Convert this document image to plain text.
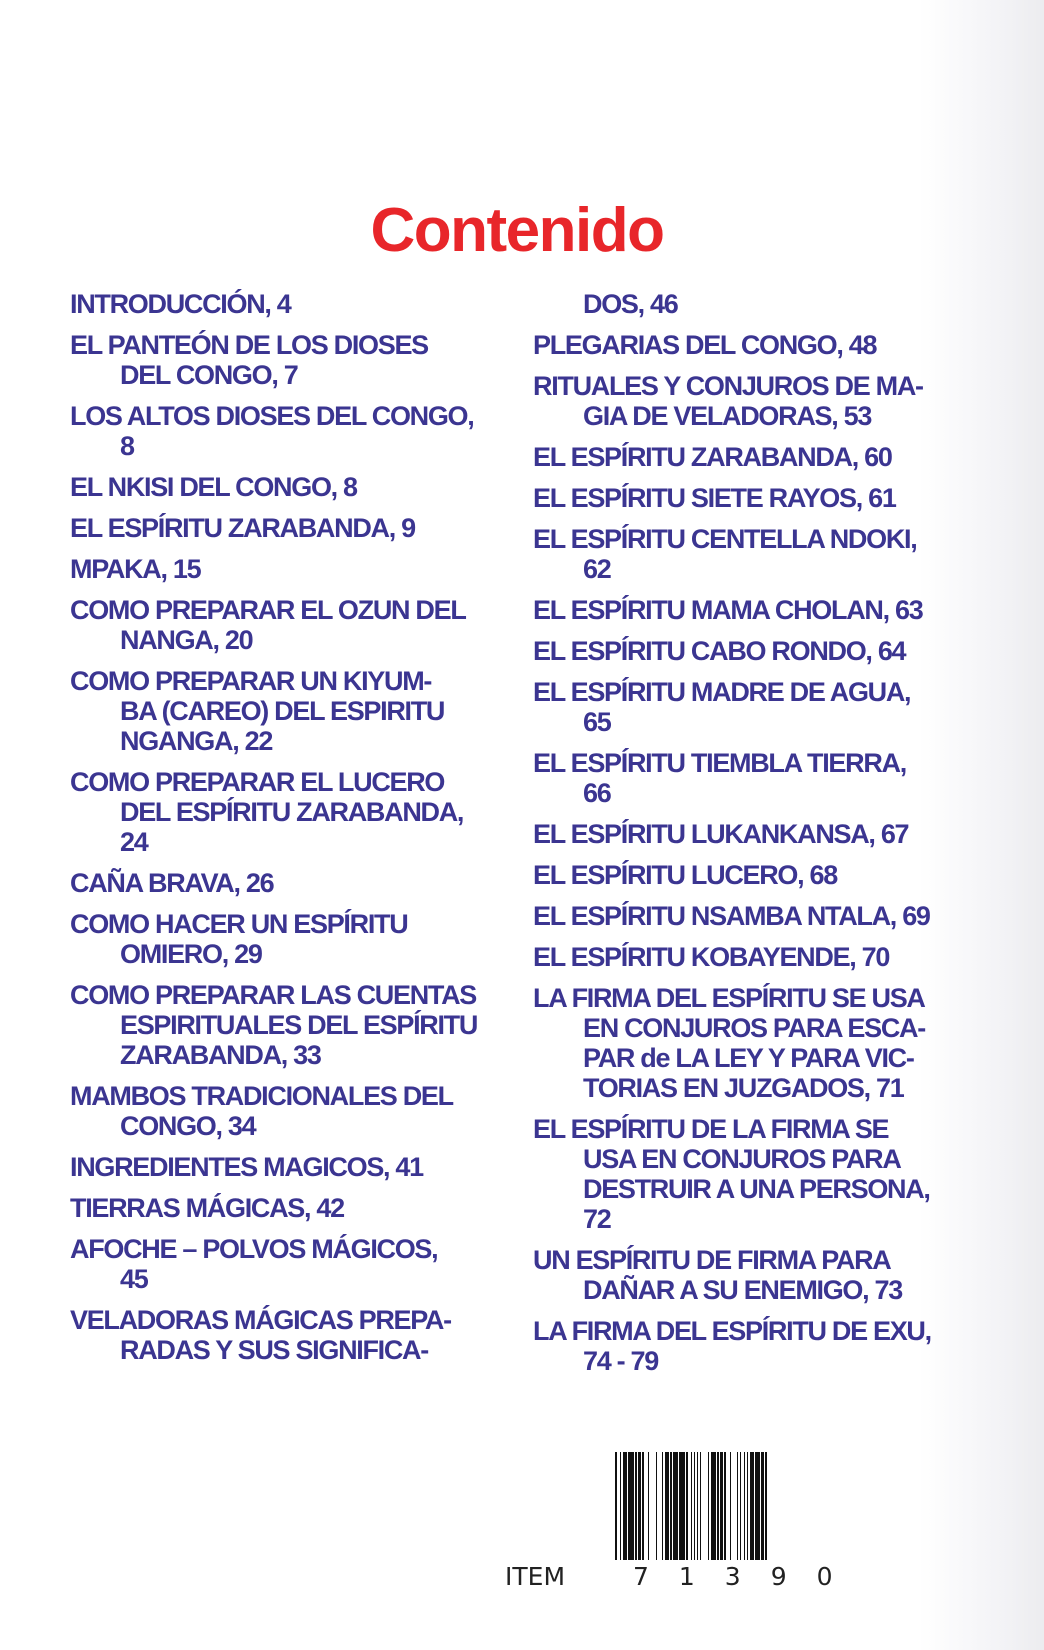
Contenido
INTRODUCCIÓN, 4
EL PANTEÓN DE LOS DIOSES
DEL CONGO, 7
LOS ALTOS DIOSES DEL CONGO,
8
EL NKISI DEL CONGO, 8
EL ESPÍRITU ZARABANDA, 9
MPAKA, 15
COMO PREPARAR EL OZUN DEL
NANGA, 20
COMO PREPARAR UN KIYUM-
BA (CAREO) DEL ESPIRITU
NGANGA, 22
COMO PREPARAR EL LUCERO
DEL ESPÍRITU ZARABANDA,
24
CAÑA BRAVA, 26
COMO HACER UN ESPÍRITU
OMIERO, 29
COMO PREPARAR LAS CUENTAS
ESPIRITUALES DEL ESPÍRITU
ZARABANDA, 33
MAMBOS TRADICIONALES DEL
CONGO, 34
INGREDIENTES MAGICOS, 41
TIERRAS MÁGICAS, 42
AFOCHE – POLVOS MÁGICOS,
45
VELADORAS MÁGICAS PREPA-
RADAS Y SUS SIGNIFICA-
DOS, 46
PLEGARIAS DEL CONGO, 48
RITUALES Y CONJUROS DE MA-
GIA DE VELADORAS, 53
EL ESPÍRITU ZARABANDA, 60
EL ESPÍRITU SIETE RAYOS, 61
EL ESPÍRITU CENTELLA NDOKI,
62
EL ESPÍRITU MAMA CHOLAN, 63
EL ESPÍRITU CABO RONDO, 64
EL ESPÍRITU MADRE DE AGUA,
65
EL ESPÍRITU TIEMBLA TIERRA,
66
EL ESPÍRITU LUKANKANSA, 67
EL ESPÍRITU LUCERO, 68
EL ESPÍRITU NSAMBA NTALA, 69
EL ESPÍRITU KOBAYENDE, 70
LA FIRMA DEL ESPÍRITU SE USA
EN CONJUROS PARA ESCA-
PAR de LA LEY Y PARA VIC-
TORIAS EN JUZGADOS, 71
EL ESPÍRITU DE LA FIRMA SE
USA EN CONJUROS PARA
DESTRUIR A UNA PERSONA,
72
UN ESPÍRITU DE FIRMA PARA
DAÑAR A SU ENEMIGO, 73
LA FIRMA DEL ESPÍRITU DE EXU,
74 - 79
ITEM	71390
